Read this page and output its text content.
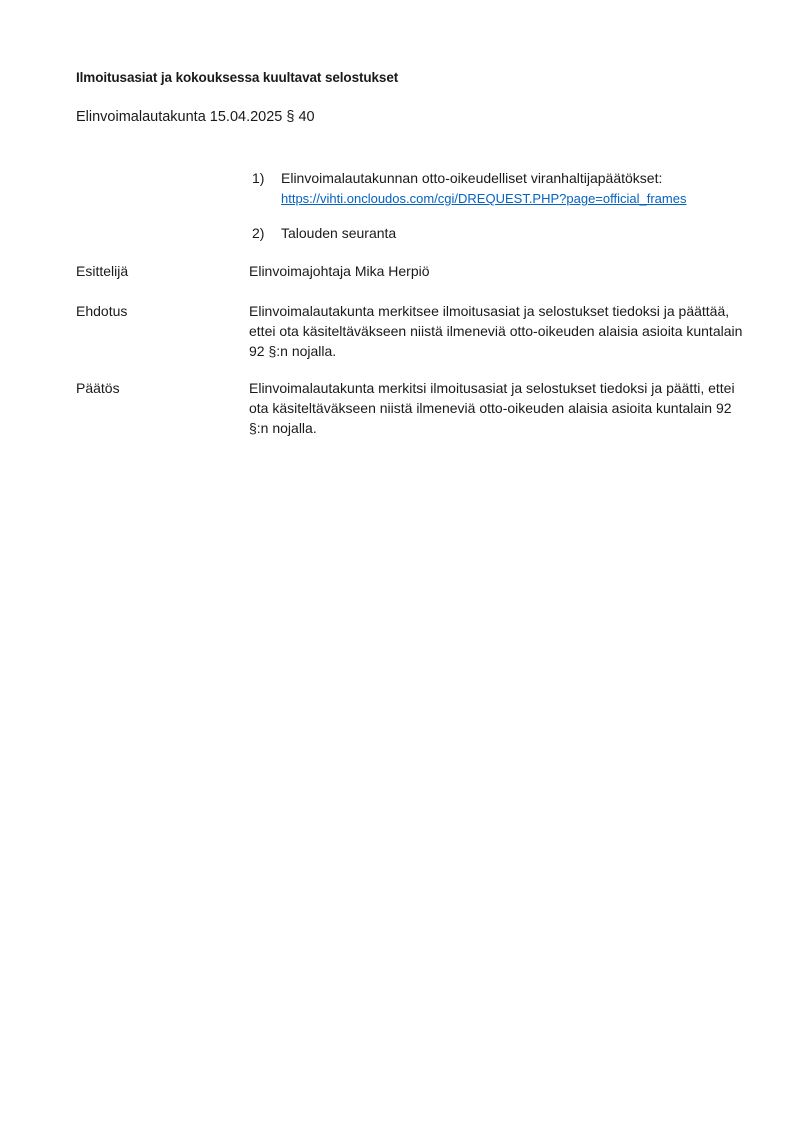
Ilmoitusasiat ja kokouksessa kuultavat selostukset
Elinvoimalautakunta 15.04.2025 § 40
1)	Elinvoimalautakunnan otto-oikeudelliset viranhaltijapäätökset:
https://vihti.oncloudos.com/cgi/DREQUEST.PHP?page=official_frames
2)	Talouden seuranta
Esittelijä	Elinvoimajohtaja Mika Herpiö
Ehdotus	Elinvoimalautakunta merkitsee ilmoitusasiat ja selostukset tiedoksi ja päättää, ettei ota käsiteltäväkseen niistä ilmeneviä otto-oikeuden alaisia asioita kuntalain 92 §:n nojalla.
Päätös	Elinvoimalautakunta merkitsi ilmoitusasiat ja selostukset tiedoksi ja päätti, ettei ota käsiteltäväkseen niistä ilmeneviä otto-oikeuden alaisia asioita kuntalain 92 §:n nojalla.
